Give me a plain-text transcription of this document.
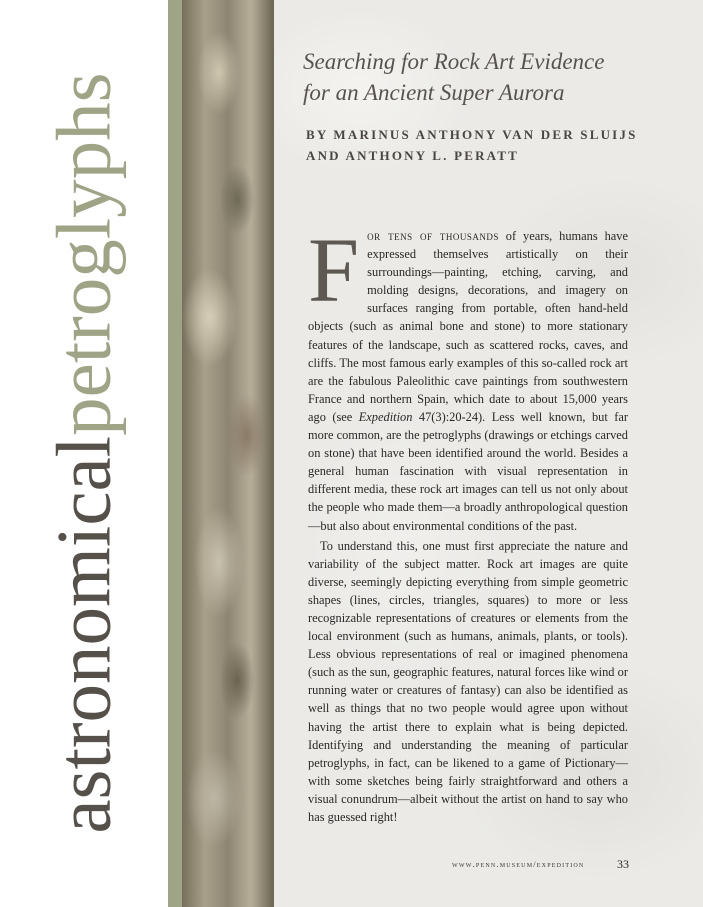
astronomicalpetroglyphs
Searching for Rock Art Evidence
for an Ancient Super Aurora
BY MARINUS ANTHONY VAN DER SLUIJS
AND ANTHONY L. PERATT

For tens of thousands of years, humans have expressed themselves artistically on their surroundings—painting, etching, carving, and molding designs, decorations, and imagery on surfaces ranging from portable, often hand-held objects (such as animal bone and stone) to more stationary features of the landscape, such as scattered rocks, caves, and cliffs. The most famous early examples of this so-called rock art are the fabulous Paleolithic cave paintings from southwestern France and northern Spain, which date to about 15,000 years ago (see Expedition 47(3):20-24). Less well known, but far more common, are the petroglyphs (drawings or etchings carved on stone) that have been identified around the world. Besides a general human fascination with visual representation in different media, these rock art images can tell us not only about the people who made them—a broadly anthropological question—but also about environmental conditions of the past.

To understand this, one must first appreciate the nature and variability of the subject matter. Rock art images are quite diverse, seemingly depicting everything from simple geometric shapes (lines, circles, triangles, squares) to more or less recognizable representations of creatures or elements from the local environment (such as humans, animals, plants, or tools). Less obvious representations of real or imagined phenomena (such as the sun, geographic features, natural forces like wind or running water or creatures of fantasy) can also be identified as well as things that no two people would agree upon without having the artist there to explain what is being depicted. Identifying and understanding the meaning of particular petroglyphs, in fact, can be likened to a game of Pictionary—with some sketches being fairly straightforward and others a visual conundrum—albeit without the artist on hand to say who has guessed right!

www.penn.museum/expedition	33
